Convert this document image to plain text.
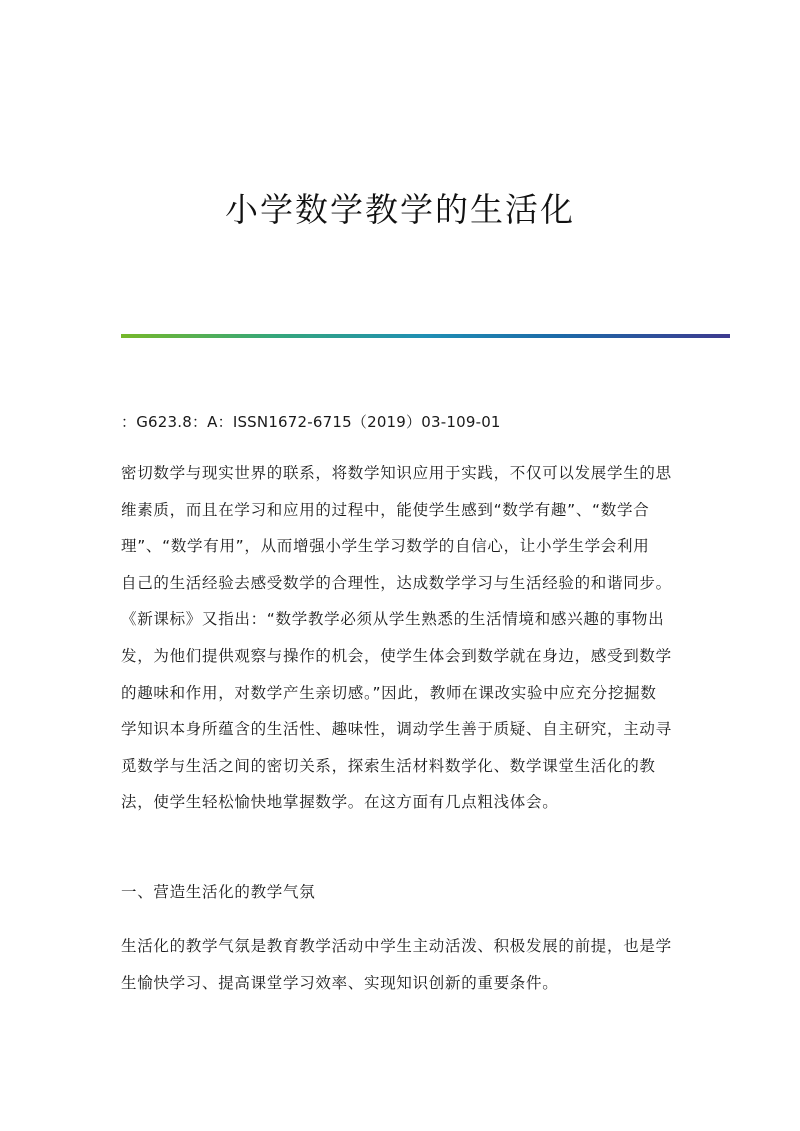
小学数学教学的生活化
：G623.8：A：ISSN1672-6715（2019）03-109-01
密切数学与现实世界的联系，将数学知识应用于实践，不仅可以发展学生的思
维素质，而且在学习和应用的过程中，能使学生感到“数学有趣”、“数学合
理”、“数学有用”，从而增强小学生学习数学的自信心，让小学生学会利用
自己的生活经验去感受数学的合理性，达成数学学习与生活经验的和谐同步。
《新课标》又指出：“数学教学必须从学生熟悉的生活情境和感兴趣的事物出
发，为他们提供观察与操作的机会，使学生体会到数学就在身边，感受到数学
的趣味和作用，对数学产生亲切感。”因此，教师在课改实验中应充分挖掘数
学知识本身所蕴含的生活性、趣味性，调动学生善于质疑、自主研究，主动寻
觅数学与生活之间的密切关系，探索生活材料数学化、数学课堂生活化的教
法，使学生轻松愉快地掌握数学。在这方面有几点粗浅体会。
一、营造生活化的教学气氛
生活化的教学气氛是教育教学活动中学生主动活泼、积极发展的前提，也是学
生愉快学习、提高课堂学习效率、实现知识创新的重要条件。
